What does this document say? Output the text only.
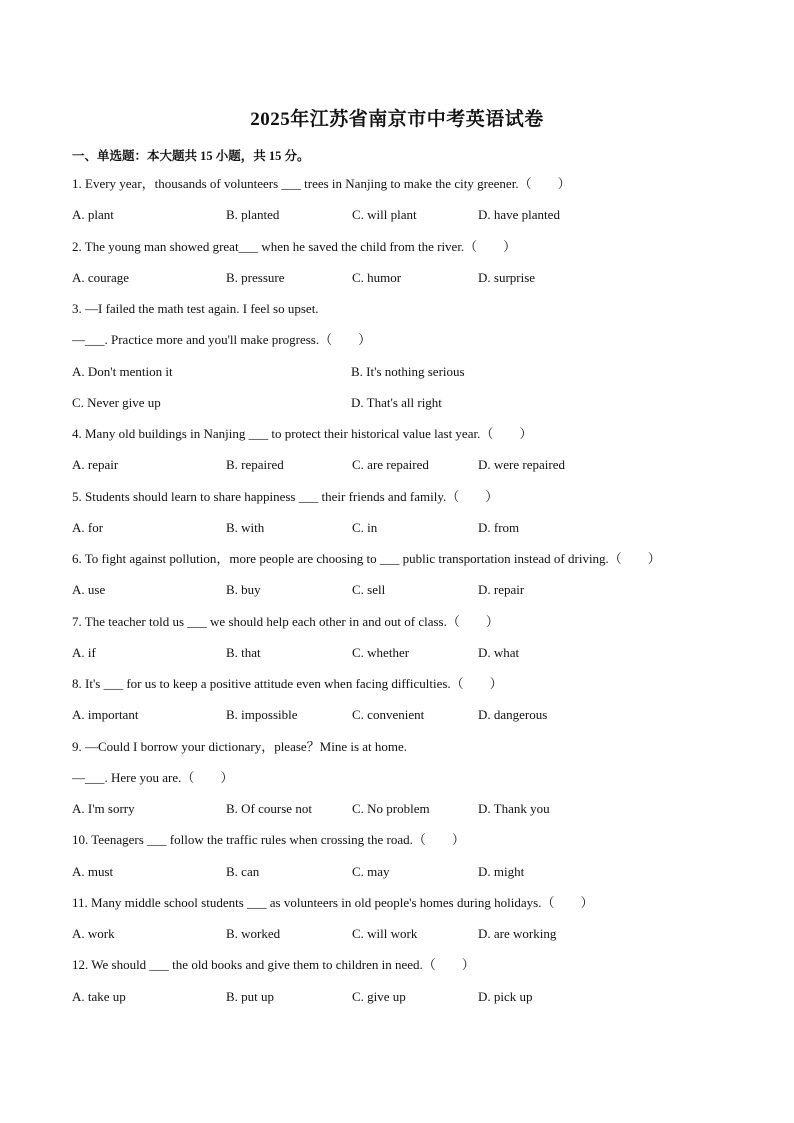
2025年江苏省南京市中考英语试卷
一、单选题：本大题共 15 小题，共 15 分。
1. Every year，thousands of volunteers ___ trees in Nanjing to make the city greener.（　　）
A. plant	B. planted	C. will plant	D. have planted
2. The young man showed great___ when he saved the child from the river.（　　）
A. courage	B. pressure	C. humor	D. surprise
3. —I failed the math test again. I feel so upset.
—___. Practice more and you'll make progress.（　　）
A. Don't mention it	B. It's nothing serious
C. Never give up	D. That's all right
4. Many old buildings in Nanjing ___ to protect their historical value last year.（　　）
A. repair	B. repaired	C. are repaired	D. were repaired
5. Students should learn to share happiness ___ their friends and family.（　　）
A. for	B. with	C. in	D. from
6. To fight against pollution，more people are choosing to ___ public transportation instead of driving.（　　）
A. use	B. buy	C. sell	D. repair
7. The teacher told us ___ we should help each other in and out of class.（　　）
A. if	B. that	C. whether	D. what
8. It's ___ for us to keep a positive attitude even when facing difficulties.（　　）
A. important	B. impossible	C. convenient	D. dangerous
9. —Could I borrow your dictionary，please？Mine is at home.
—___. Here you are.（　　）
A. I'm sorry	B. Of course not	C. No problem	D. Thank you
10. Teenagers ___ follow the traffic rules when crossing the road.（　　）
A. must	B. can	C. may	D. might
11. Many middle school students ___ as volunteers in old people's homes during holidays.（　　）
A. work	B. worked	C. will work	D. are working
12. We should ___ the old books and give them to children in need.（　　）
A. take up	B. put up	C. give up	D. pick up
